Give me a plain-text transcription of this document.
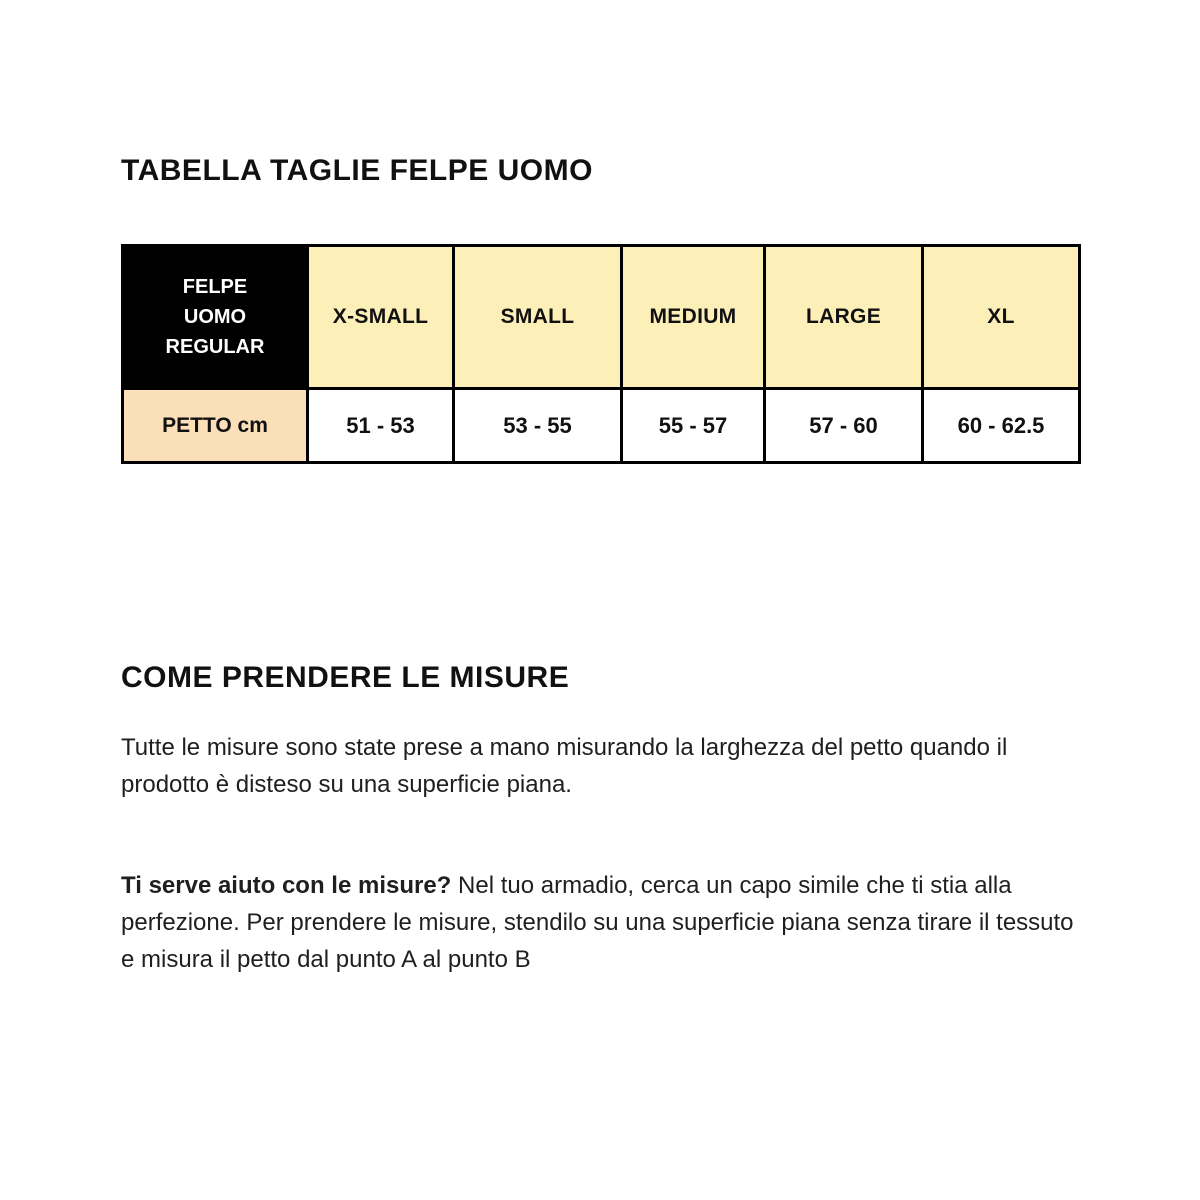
TABELLA TAGLIE FELPE UOMO
FELPE
UOMO
REGULAR	X-SMALL	SMALL	MEDIUM	LARGE	XL
PETTO cm	51 - 53	53 - 55	55 - 57	57 - 60	60 - 62.5
COME PRENDERE LE MISURE

Tutte le misure sono state prese a mano misurando la larghezza del petto quando il prodotto è disteso su una superficie piana.

Ti serve aiuto con le misure? Nel tuo armadio, cerca un capo simile che ti stia alla perfezione. Per prendere le misure, stendilo su una superficie piana senza tirare il tessuto e misura il petto dal punto A al punto B
